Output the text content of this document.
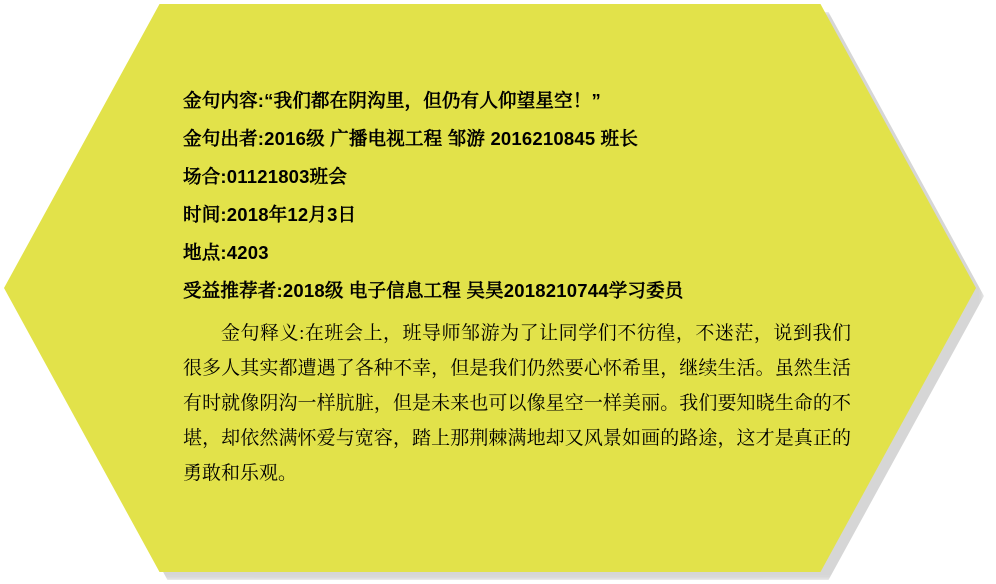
金句内容:“我们都在阴沟里，但仍有人仰望星空！”
金句出者:2016级 广播电视工程 邹游 2016210845 班长
场合:01121803班会
时间:2018年12月3日
地点:4203
受益推荐者:2018级 电子信息工程 吴昊2018210744学习委员
金句释义:在班会上，班导师邹游为了让同学们不彷徨，不迷茫，说到我们很多人其实都遭遇了各种不幸，但是我们仍然要心怀希里，继续生活。虽然生活有时就像阴沟一样肮脏，但是未来也可以像星空一样美丽。我们要知晓生命的不堪，却依然满怀爱与宽容，踏上那荆棘满地却又风景如画的路途，这才是真正的勇敢和乐观。
